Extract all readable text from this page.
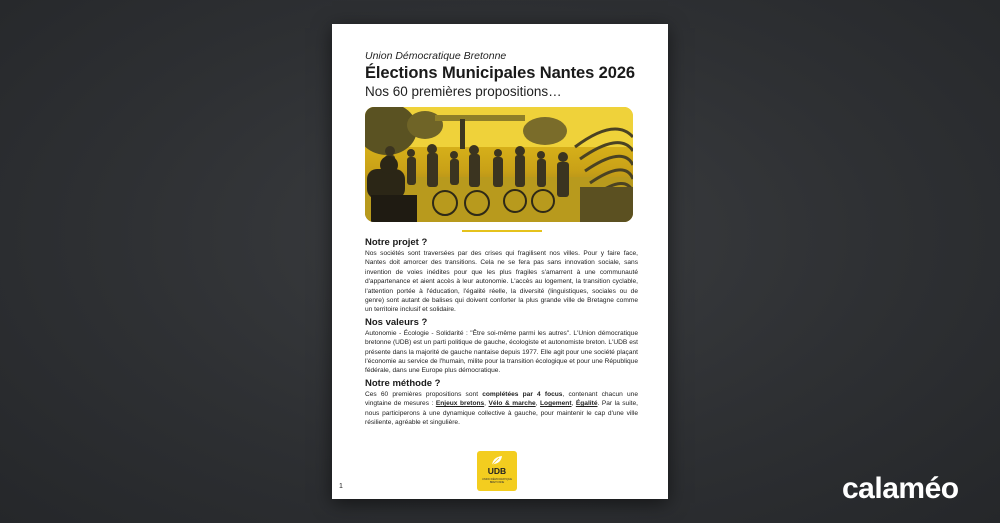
Union Démocratique Bretonne

Élections Municipales Nantes 2026

Nos 60 premières propositions…

Notre projet ?

Nos sociétés sont traversées par des crises qui fragilisent nos villes. Pour y faire face, Nantes doit amorcer des transitions. Cela ne se fera pas sans innovation sociale, sans invention de voies inédites pour que les plus fragiles s'amarrent à une communauté d'appartenance et aient accès à leur autonomie. L'accès au logement, la transition cyclable, l'attention portée à l'éducation, l'égalité réelle, la diversité (linguistiques, sociales ou de genre) sont autant de balises qui doivent conforter la plus grande ville de Bretagne comme un territoire inclusif et solidaire.

Nos valeurs ?

Autonomie - Écologie - Solidarité : "Être soi-même parmi les autres". L'Union démocratique bretonne (UDB) est un parti politique de gauche, écologiste et autonomiste breton. L'UDB est présente dans la majorité de gauche nantaise depuis 1977. Elle agit pour une société plaçant l'économie au service de l'humain, milite pour la transition écologique et pour une République fédérale, dans une Europe plus démocratique.

Notre méthode ?

Ces 60 premières propositions sont complétées par 4 focus, contenant chacun une vingtaine de mesures : Enjeux bretons, Vélo & marche, Logement, Égalité. Par la suite, nous participerons à une dynamique collective à gauche, pour maintenir le cap d'une ville résiliente, agréable et singulière.

UDB
UNION DÉMOCRATIQUE BRETONNE
1	calaméo
